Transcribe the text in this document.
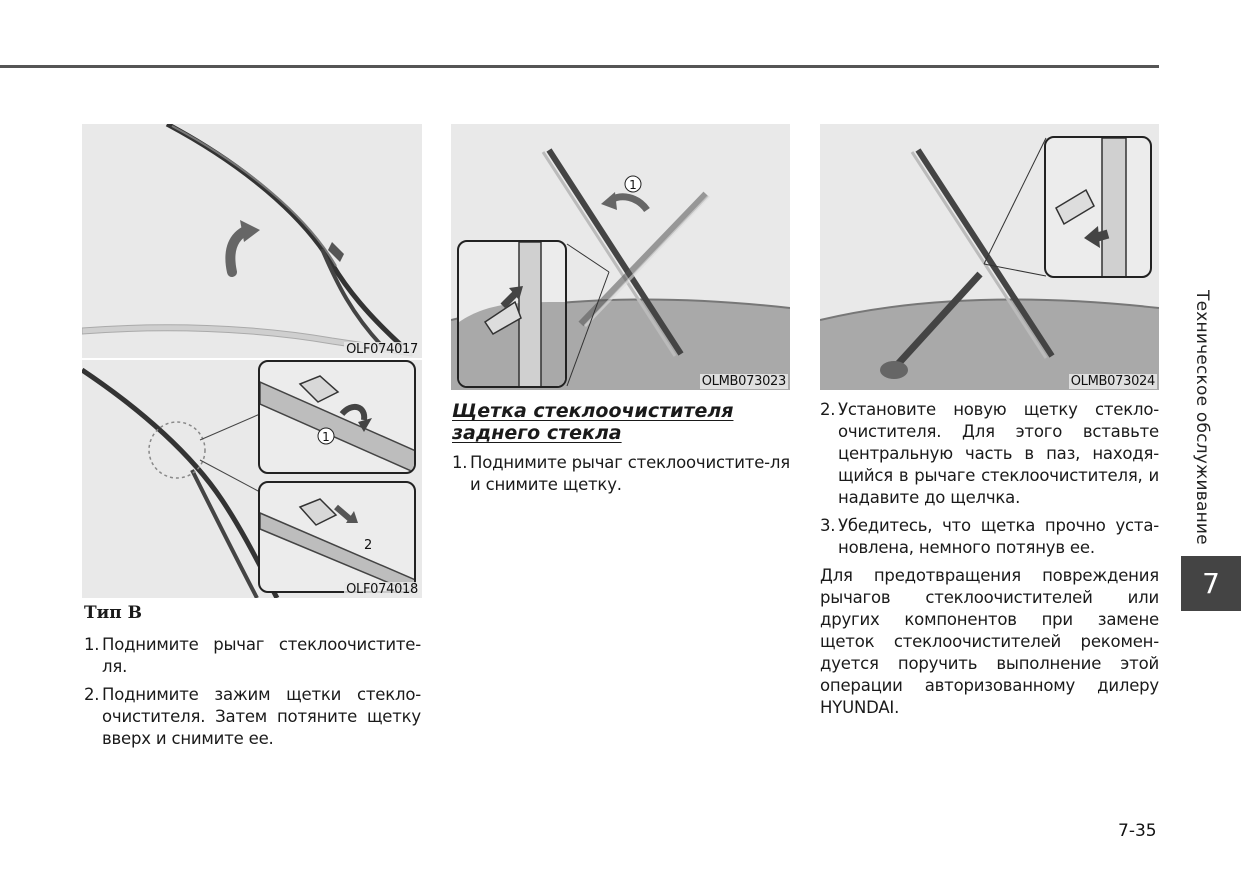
OLF074017
1
2
OLF074018
1
OLMB073023	OLMB073024
Тип B
1. Поднимите рычаг стеклоочистите-ля.
2. Поднимите зажим щетки стекло-очистителя. Затем потяните щетку вверх и снимите ее.
Щетка стеклоочистителя
заднего стекла
1. Поднимите рычаг стеклоочистите-ля и снимите щетку.
2. Установите новую щетку стекло-очистителя. Для этого вставьте центральную часть в паз, находя-щийся в рычаге стеклоочистителя, и надавите до щелчка.
3. Убедитесь, что щетка прочно уста-новлена, немного потянув ее.
Для предотвращения повреждения рычагов стеклоочистителей или других компонентов при замене щеток стеклоочистителей рекомен-дуется поручить выполнение этой операции авторизованному дилеру HYUNDAI.
Техническое обслуживание
7
7-35
